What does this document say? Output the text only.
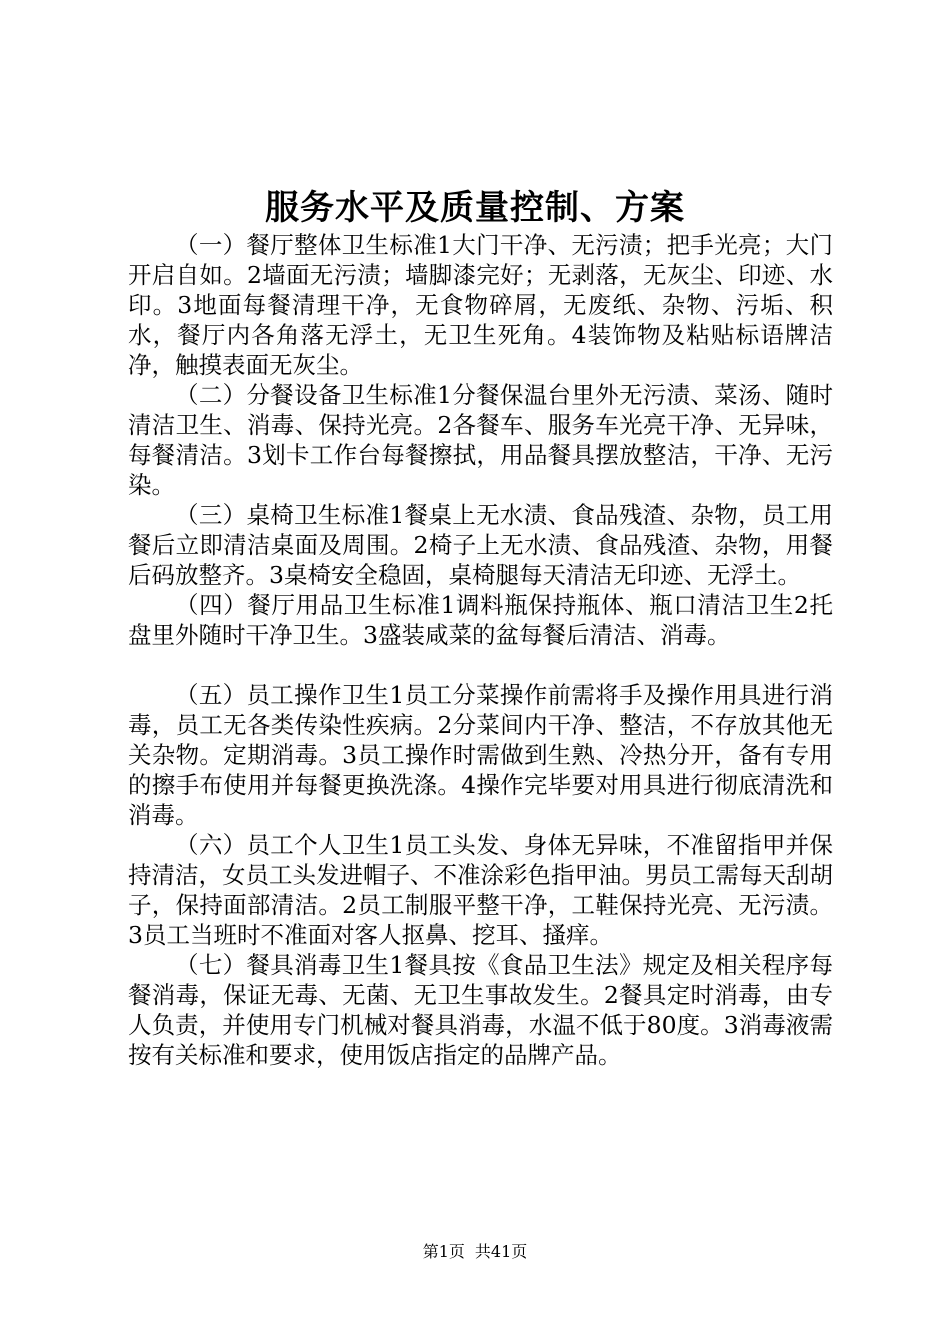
服务水平及质量控制、方案

（一）餐厅整体卫生标准1大门干净、无污渍；把手光亮；大门开启自如。2墙面无污渍；墙脚漆完好；无剥落，无灰尘、印迹、水印。3地面每餐清理干净，无食物碎屑，无废纸、杂物、污垢、积水，餐厅内各角落无浮土，无卫生死角。4装饰物及粘贴标语牌洁净，触摸表面无灰尘。

（二）分餐设备卫生标准1分餐保温台里外无污渍、菜汤、随时清洁卫生、消毒、保持光亮。2各餐车、服务车光亮干净、无异味，每餐清洁。3划卡工作台每餐擦拭，用品餐具摆放整洁，干净、无污染。

（三）桌椅卫生标准1餐桌上无水渍、食品残渣、杂物，员工用餐后立即清洁桌面及周围。2椅子上无水渍、食品残渣、杂物，用餐后码放整齐。3桌椅安全稳固，桌椅腿每天清洁无印迹、无浮土。

（四）餐厅用品卫生标准1调料瓶保持瓶体、瓶口清洁卫生2托盘里外随时干净卫生。3盛装咸菜的盆每餐后清洁、消毒。

（五）员工操作卫生1员工分菜操作前需将手及操作用具进行消毒，员工无各类传染性疾病。2分菜间内干净、整洁，不存放其他无关杂物。定期消毒。3员工操作时需做到生熟、冷热分开，备有专用的擦手布使用并每餐更换洗涤。4操作完毕要对用具进行彻底清洗和消毒。

（六）员工个人卫生1员工头发、身体无异味，不准留指甲并保持清洁，女员工头发进帽子、不准涂彩色指甲油。男员工需每天刮胡子，保持面部清洁。2员工制服平整干净，工鞋保持光亮、无污渍。3员工当班时不准面对客人抠鼻、挖耳、搔痒。

（七）餐具消毒卫生1餐具按《食品卫生法》规定及相关程序每餐消毒，保证无毒、无菌、无卫生事故发生。2餐具定时消毒，由专人负责，并使用专门机械对餐具消毒，水温不低于80度。3消毒液需按有关标准和要求，使用饭店指定的品牌产品。

第1页 共41页
